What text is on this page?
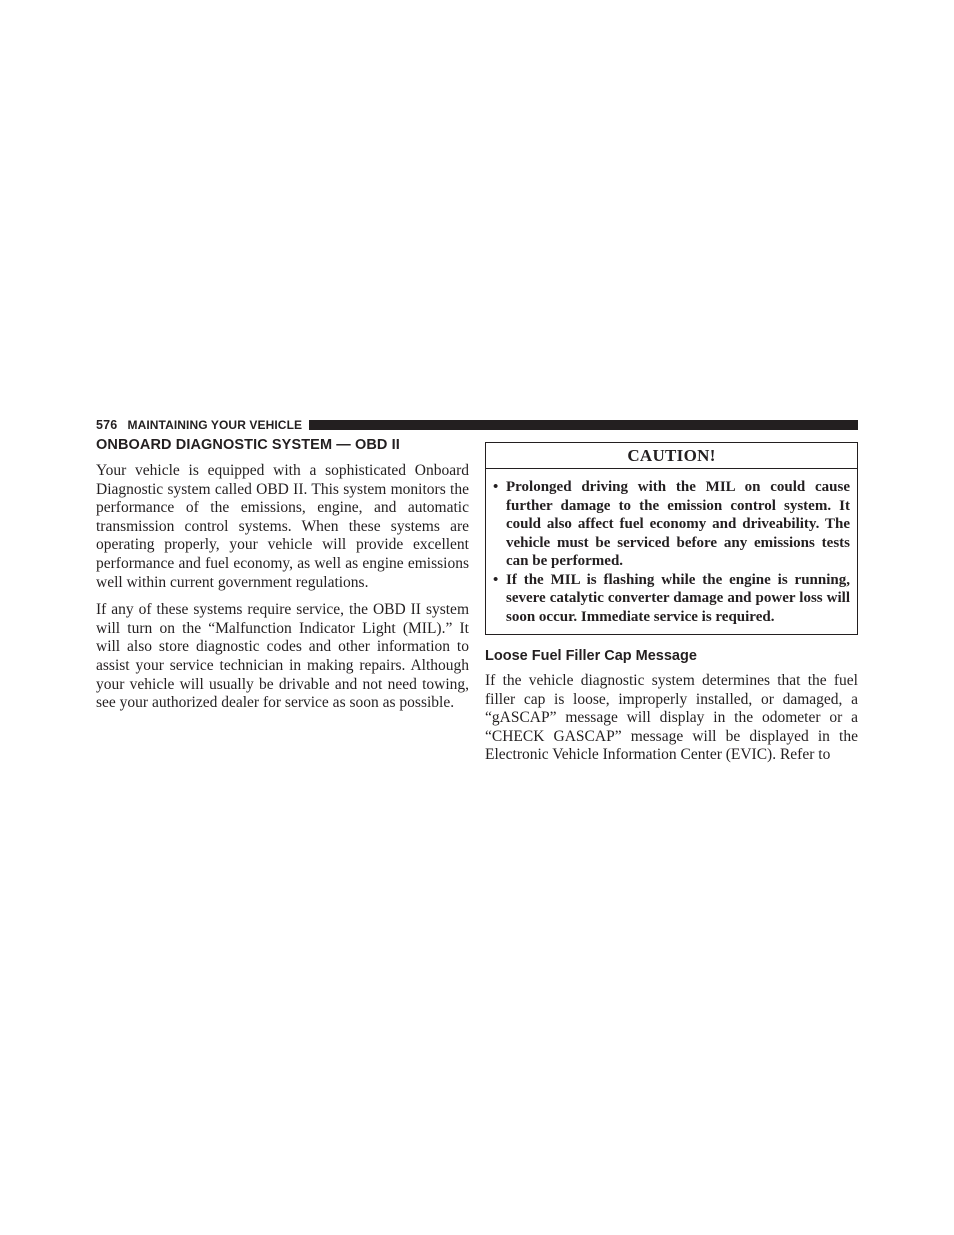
576 MAINTAINING YOUR VEHICLE
ONBOARD DIAGNOSTIC SYSTEM — OBD II

Your vehicle is equipped with a sophisticated Onboard Diagnostic system called OBD II. This system monitors the performance of the emissions, engine, and automatic transmission control systems. When these systems are operating properly, your vehicle will provide excellent performance and fuel economy, as well as engine emissions well within current government regulations.

If any of these systems require service, the OBD II system will turn on the “Malfunction Indicator Light (MIL).” It will also store diagnostic codes and other information to assist your service technician in making repairs. Although your vehicle will usually be drivable and not need towing, see your authorized dealer for service as soon as possible.

CAUTION!
• Prolonged driving with the MIL on could cause further damage to the emission control system. It could also affect fuel economy and driveability. The vehicle must be serviced before any emissions tests can be performed.
• If the MIL is flashing while the engine is running, severe catalytic converter damage and power loss will soon occur. Immediate service is required.
Loose Fuel Filler Cap Message

If the vehicle diagnostic system determines that the fuel filler cap is loose, improperly installed, or damaged, a “gASCAP” message will display in the odometer or a “CHECK GASCAP” message will be displayed in the Electronic Vehicle Information Center (EVIC). Refer to
